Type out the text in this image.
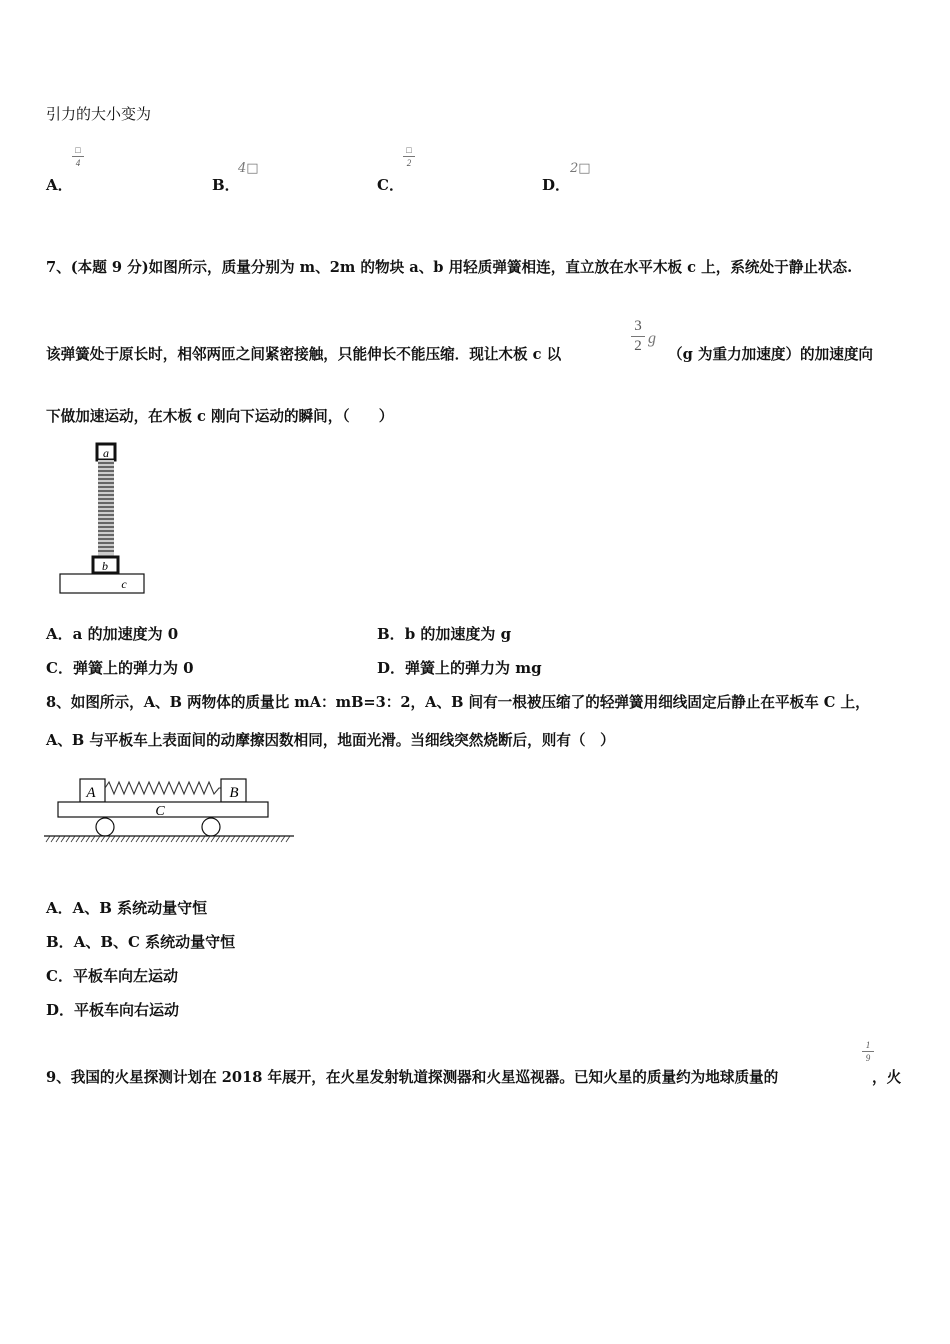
引力的大小变为
A．
□
4
B．
4□
C．
□
2
D．
2□
7、(本题 9 分)如图所示，质量分别为 m、2m 的物块 a、b 用轻质弹簧相连，直立放在水平木板 c 上，系统处于静止状态.
该弹簧处于原长时，相邻两匝之间紧密接触，只能伸长不能压缩．现让木板 c 以
3
2 g
（g 为重力加速度）的加速度向
下做加速运动，在木板 c 刚向下运动的瞬间，（　　）
a
b
c
A．a 的加速度为 0	B．b 的加速度为 g
C．弹簧上的弹力为 0	D．弹簧上的弹力为 mg
8、如图所示，A、B 两物体的质量比 mA：mB=3：2，A、B 间有一根被压缩了的轻弹簧用细线固定后静止在平板车 C 上，
A、B 与平板车上表面间的动摩擦因数相同，地面光滑。当细线突然烧断后，则有（　）
A	B
C
A．A、B 系统动量守恒
B．A、B、C 系统动量守恒
C．平板车向左运动
D．平板车向右运动
9、我国的火星探测计划在 2018 年展开，在火星发射轨道探测器和火星巡视器。已知火星的质量约为地球质量的
1
9
，火
